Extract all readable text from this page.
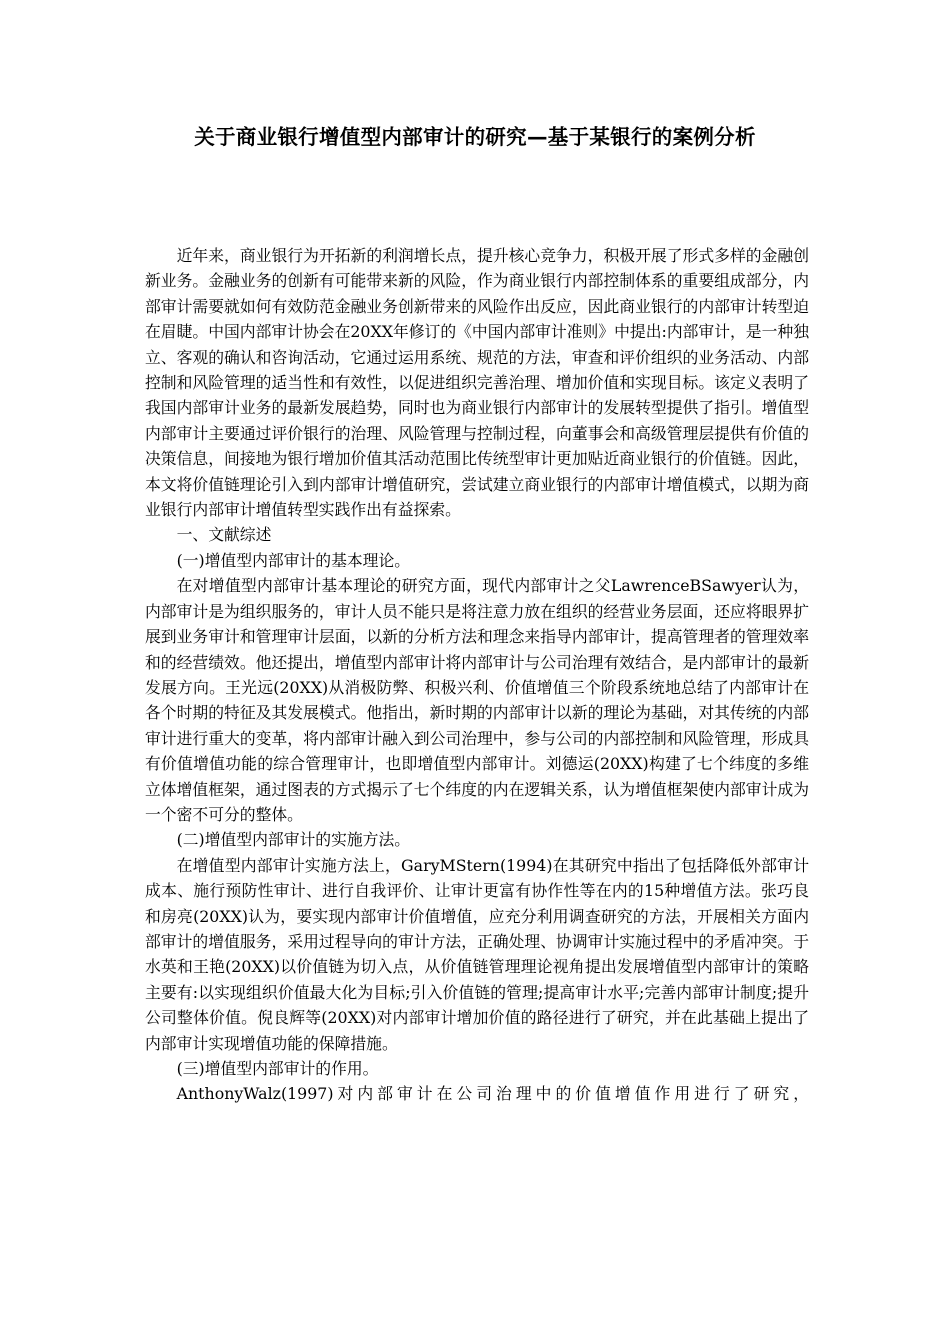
关于商业银行增值型内部审计的研究—基于某银行的案例分析

近年来，商业银行为开拓新的利润增长点，提升核心竞争力，积极开展了形式多样的金融创新业务。金融业务的创新有可能带来新的风险，作为商业银行内部控制体系的重要组成部分，内部审计需要就如何有效防范金融业务创新带来的风险作出反应，因此商业银行的内部审计转型迫在眉睫。中国内部审计协会在20XX年修订的《中国内部审计准则》中提出:内部审计，是一种独立、客观的确认和咨询活动，它通过运用系统、规范的方法，审查和评价组织的业务活动、内部控制和风险管理的适当性和有效性，以促进组织完善治理、增加价值和实现目标。该定义表明了我国内部审计业务的最新发展趋势，同时也为商业银行内部审计的发展转型提供了指引。增值型内部审计主要通过评价银行的治理、风险管理与控制过程，向董事会和高级管理层提供有价值的决策信息，间接地为银行增加价值其活动范围比传统型审计更加贴近商业银行的价值链。因此，本文将价值链理论引入到内部审计增值研究，尝试建立商业银行的内部审计增值模式，以期为商业银行内部审计增值转型实践作出有益探索。

一、文献综述

(一)增值型内部审计的基本理论。

在对增值型内部审计基本理论的研究方面，现代内部审计之父LawrenceBSawyer认为，内部审计是为组织服务的，审计人员不能只是将注意力放在组织的经营业务层面，还应将眼界扩展到业务审计和管理审计层面，以新的分析方法和理念来指导内部审计，提高管理者的管理效率和的经营绩效。他还提出，增值型内部审计将内部审计与公司治理有效结合，是内部审计的最新发展方向。王光远(20XX)从消极防弊、积极兴利、价值增值三个阶段系统地总结了内部审计在各个时期的特征及其发展模式。他指出，新时期的内部审计以新的理论为基础，对其传统的内部审计进行重大的变革，将内部审计融入到公司治理中，参与公司的内部控制和风险管理，形成具有价值增值功能的综合管理审计，也即增值型内部审计。刘德运(20XX)构建了七个纬度的多维立体增值框架，通过图表的方式揭示了七个纬度的内在逻辑关系，认为增值框架使内部审计成为一个密不可分的整体。

(二)增值型内部审计的实施方法。

在增值型内部审计实施方法上，GaryMStern(1994)在其研究中指出了包括降低外部审计成本、施行预防性审计、进行自我评价、让审计更富有协作性等在内的15种增值方法。张巧良和房亮(20XX)认为，要实现内部审计价值增值，应充分利用调查研究的方法，开展相关方面内部审计的增值服务，采用过程导向的审计方法，正确处理、协调审计实施过程中的矛盾冲突。于水英和王艳(20XX)以价值链为切入点，从价值链管理理论视角提出发展增值型内部审计的策略主要有:以实现组织价值最大化为目标;引入价值链的管理;提高审计水平;完善内部审计制度;提升公司整体价值。倪良辉等(20XX)对内部审计增加价值的路径进行了研究，并在此基础上提出了内部审计实现增值功能的保障措施。

(三)增值型内部审计的作用。

AnthonyWalz(1997)对内部审计在公司治理中的价值增值作用进行了研究，
